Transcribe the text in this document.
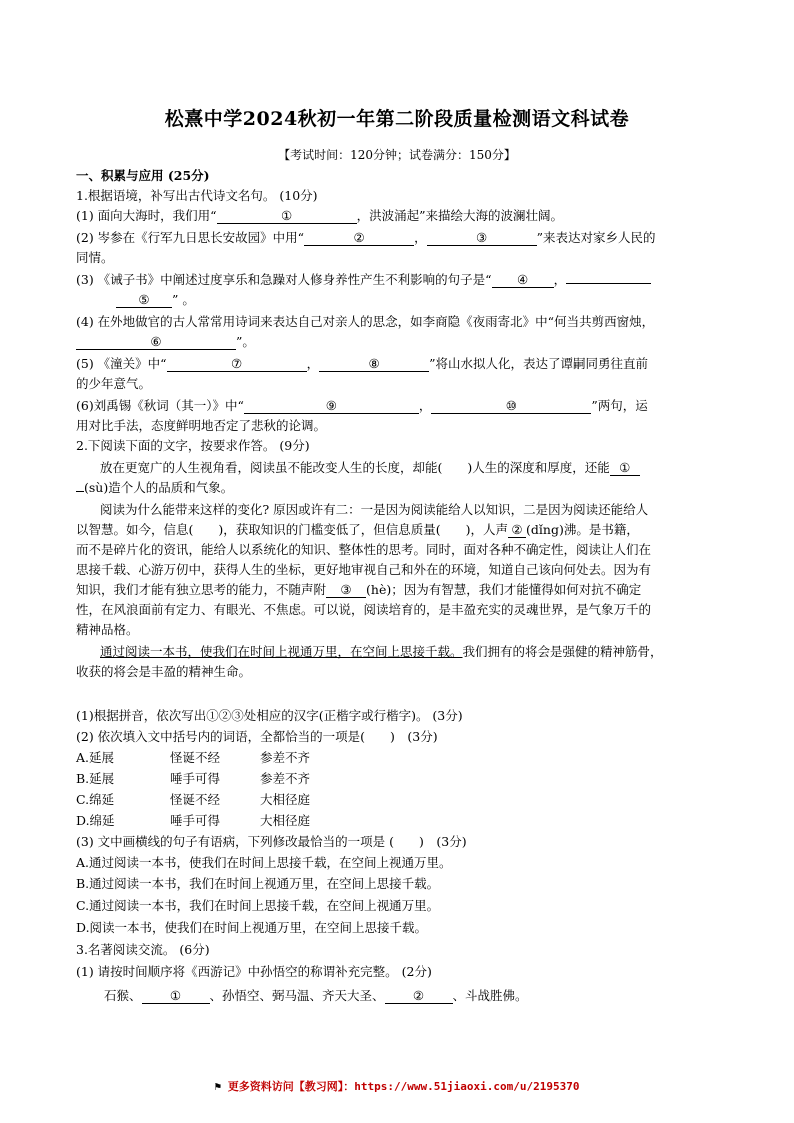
松熹中学2024秋初一年第二阶段质量检测语文科试卷
【考试时间：120分钟；试卷满分：150分】
一、积累与应用 (25分)
1.根据语境，补写出古代诗文名句。 (10分)
(1) 面向大海时，我们用“	①	，洪波涌起”来描绘大海的波澜壮阔。
(2) 岑参在《行军九日思长安故园》中用“	②	，	③	”来表达对家乡人民的
同情。
(3) 《诫子书》中阐述过度享乐和急躁对人修身养性产生不利影响的句子是“ ④ ，
⑤ ” 。
(4) 在外地做官的古人常常用诗词来表达自己对亲人的思念，如李商隐《夜雨寄北》中“何当共剪西窗烛，
⑥	”。
(5) 《潼关》中“	⑦	，	⑧	”将山水拟人化，表达了谭嗣同勇往直前
的少年意气。
(6)刘禹锡《秋词（其一）》中“	⑨	，	⑩	”两句，运
用对比手法，态度鲜明地否定了悲秋的论调。
2.下阅读下面的文字，按要求作答。 (9分)
放在更宽广的人生视角看，阅读虽不能改变人生的长度，却能(　　)人生的深度和厚度，还能 ①
(sù)造个人的品质和气象。
阅读为什么能带来这样的变化? 原因或许有二：一是因为阅读能给人以知识，二是因为阅读还能给人
以智慧。如今，信息(　　)，获取知识的门槛变低了，但信息质量(　　)，人声 ② (dǐng)沸。是书籍，
而不是碎片化的资讯，能给人以系统化的知识、整体性的思考。同时，面对各种不确定性，阅读让人们在
思接千载、心游万仞中，获得人生的坐标，更好地审视自己和外在的环境，知道自己该向何处去。因为有
知识，我们才能有独立思考的能力，不随声附 ③ (hè)；因为有智慧，我们才能懂得如何对抗不确定
性，在风浪面前有定力、有眼光、不焦虑。可以说，阅读培育的，是丰盈充实的灵魂世界，是气象万千的
精神品格。
通过阅读一本书，使我们在时间上视通万里，在空间上思接千载。我们拥有的将会是强健的精神筋骨，
收获的将会是丰盈的精神生命。
(1)根据拼音，依次写出①②③处相应的汉字(正楷字或行楷字)。 (3分)
(2) 依次填入文中括号内的词语，全都恰当的一项是(　　)　(3分)
A.延展	怪诞不经	参差不齐
B.延展	唾手可得	参差不齐
C.绵延	怪诞不经	大相径庭
D.绵延	唾手可得	大相径庭
(3) 文中画横线的句子有语病，下列修改最恰当的一项是 (　　)　(3分)
A.通过阅读一本书，使我们在时间上思接千载，在空间上视通万里。
B.通过阅读一本书，我们在时间上视通万里，在空间上思接千载。
C.通过阅读一本书，我们在时间上思接千载，在空间上视通万里。
D.阅读一本书，使我们在时间上视通万里，在空间上思接千载。
3.名著阅读交流。 (6分)
(1) 请按时间顺序将《西游记》中孙悟空的称谓补充完整。 (2分)
石猴、 ① 、孙悟空、弼马温、齐天大圣、 ② 、斗战胜佛。
⚑ 更多资料访问【教习网】：https://www.51jiaoxi.com/u/2195370
